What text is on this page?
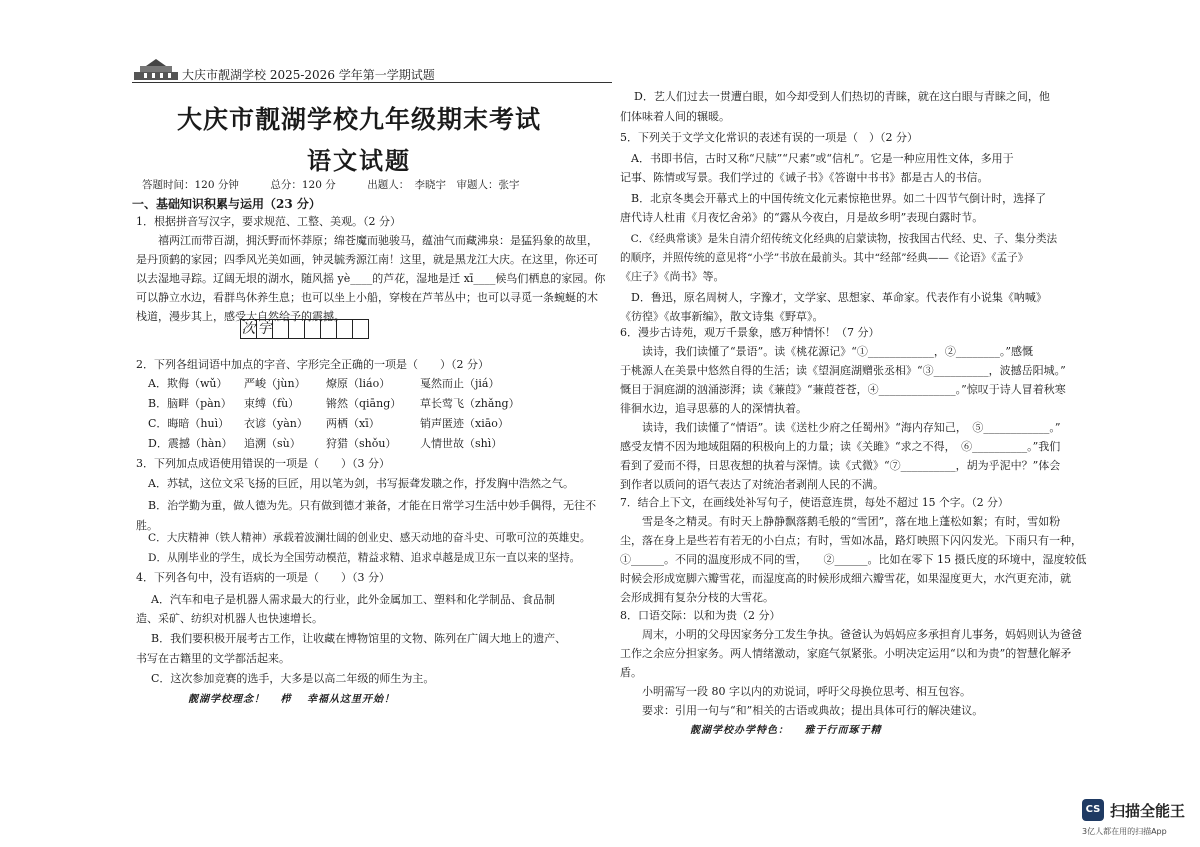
大庆市靓湖学校 2025-2026 学年第一学期试题
大庆市靓湖学校九年级期末考试
语文试题
答题时间：120 分钟　　　总分：120 分　　　出题人：　李晓宇　审题人：张宇
一、基础知识积累与运用（23 分）
1．根据拼音写汉字，要求规范、工整、美观。（2 分）
　　禧两江而带百湖，拥沃野而怀莽原；绵苍魔而驰骏马，蕴油气而藏沸泉：是猛犸象的故里，
是丹顶鹤的家园；四季风光美如画，钟灵毓秀源江南！这里，就是黑龙江大庆。在这里，你还可
以去湿地寻踪。辽阔无垠的湖水，随风摇 yè____的芦花，湿地是迁 xī____候鸟们栖息的家园。你
可以静立水边，看群鸟休养生息；也可以坐上小船，穿梭在芦苇丛中；也可以寻觅一条蜿蜒的木
栈道，漫步其上，感受大自然给予的震撼。
次 宇
2．下列各组词语中加点的字音、字形完全正确的一项是（　　）（2 分）
A．欺侮（wǔ） 严峻（jùn） 燎原（liáo）	戛然而止（jiá）
B．脑畔（pàn） 束缚（fù） 锵然（qiāng） 草长莺飞（zhǎng）
C．晦暗（huì） 衣谚（yàn） 两栖（xī）	销声匿迹（xiāo）
D．震撼（hàn） 追溯（sù） 狩猎（shǒu） 人情世故（shì）
3．下列加点成语使用错误的一项是（　　）（3 分）
A．苏轼，这位文采飞扬的巨匠，用以笔为剑，书写振聋发聩之作，抒发胸中浩然之气。
B．治学勤为重，做人德为先。只有做到德才兼备，才能在日常学习生活中妙手偶得，无往不
胜。
C．大庆精神（铁人精神）承载着波澜壮阔的创业史、感天动地的奋斗史、可歌可泣的英雄史。
D．从刚毕业的学生，成长为全国劳动模范，精益求精、追求卓越是成卫东一直以来的坚持。
4．下列各句中，没有语病的一项是（　　）（3 分）
　A．汽车和电子是机器人需求最大的行业，此外金属加工、塑料和化学制品、食品制
造、采矿、纺织对机器人也快速增长。
　B．我们要积极开展考古工作，让收藏在博物馆里的文物、陈列在广阔大地上的遗产、
书写在古籍里的文学都活起来。
　C．这次参加竞赛的选手，大多是以高二年级的师生为主。
靓湖学校理念！　 栉　 幸福从这里开始！
　　D．艺人们过去一贯遭白眼，如今却受到人们热切的青睐，就在这白眼与青睐之间，他
们体味着人间的辗暖。
5．下列关于文学文化常识的表述有误的一项是（　）（2 分）
　A．书即书信，古时又称“尺牍”“尺素”或“信札”。它是一种应用性文体，多用于
记事、陈情或写景。我们学过的《诫子书》《答谢中书书》都是古人的书信。
　B．北京冬奥会开幕式上的中国传统文化元素惊艳世界。如二十四节气倒计时，选择了
唐代诗人杜甫《月夜忆舍弟》的“露从今夜白，月是故乡明”表现白露时节。
　C．《经典常谈》是朱自清介绍传统文化经典的启蒙读物，按我国古代经、史、子、集分类法
的顺序，并照传统的意见将“小学”书放在最前头。其中“经部”经典——《论语》《孟子》
《庄子》《尚书》等。
　D．鲁迅，原名周树人，字豫才，文学家、思想家、革命家。代表作有小说集《呐喊》
《彷徨》《故事新编》，散文诗集《野草》。
6．漫步古诗苑，观万千景象，感万种情怀！（7 分）
　　读诗，我们读懂了“景语”。读《桃花源记》“①____________，②________。”感慨
于桃源人在美景中悠然自得的生活；读《望洞庭湖赠张丞相》“③__________，波撼岳阳城。”
慨目于洞庭湖的汹涌澎湃；读《蒹葭》“蒹葭苍苍，④______________。”惊叹于诗人冒着秋寒
徘徊水边，追寻思慕的人的深情执着。
　　读诗，我们读懂了“情语”。读《送杜少府之任蜀州》“海内存知己，　⑤____________。”
感受友情不因为地域阻隔的积极向上的力量；读《关雎》“求之不得，　⑥__________。”我们
看到了爱而不得，日思夜想的执着与深情。读《式微》“⑦__________，胡为乎泥中？”体会
到作者以质问的语气表达了对统治者剥削人民的不满。
7．结合上下文，在画线处补写句子，使语意连贯，每处不超过 15 个字。（2 分）
　　雪是冬之精灵。有时天上静静飘落鹅毛般的“雪团”，落在地上蓬松如絮；有时，雪如粉
尘，落在身上是些若有若无的小白点；有时，雪如冰晶，路灯映照下闪闪发光。下雨只有一种，
①______。不同的温度形成不同的雪，　　②______。比如在零下 15 摄氏度的环境中，湿度较低
时候会形成宽脚六瓣雪花，而湿度高的时候形成细六瓣雪花，如果湿度更大，水汽更充沛，就
会形成拥有复杂分枝的大雪花。
8．口语交际：以和为贵（2 分）
　　周末，小明的父母因家务分工发生争执。爸爸认为妈妈应多承担育儿事务，妈妈则认为爸爸
工作之余应分担家务。两人情绪激动，家庭气氛紧张。小明决定运用“以和为贵”的智慧化解矛
盾。
　　小明需写一段 80 字以内的劝说词，呼吁父母换位思考、相互包容。
　　要求：引用一句与“和”相关的古语或典故；提出具体可行的解决建议。
靓湖学校办学特色：　 雅于行而琢于精
CS 扫描全能王
3亿人都在用的扫描App
